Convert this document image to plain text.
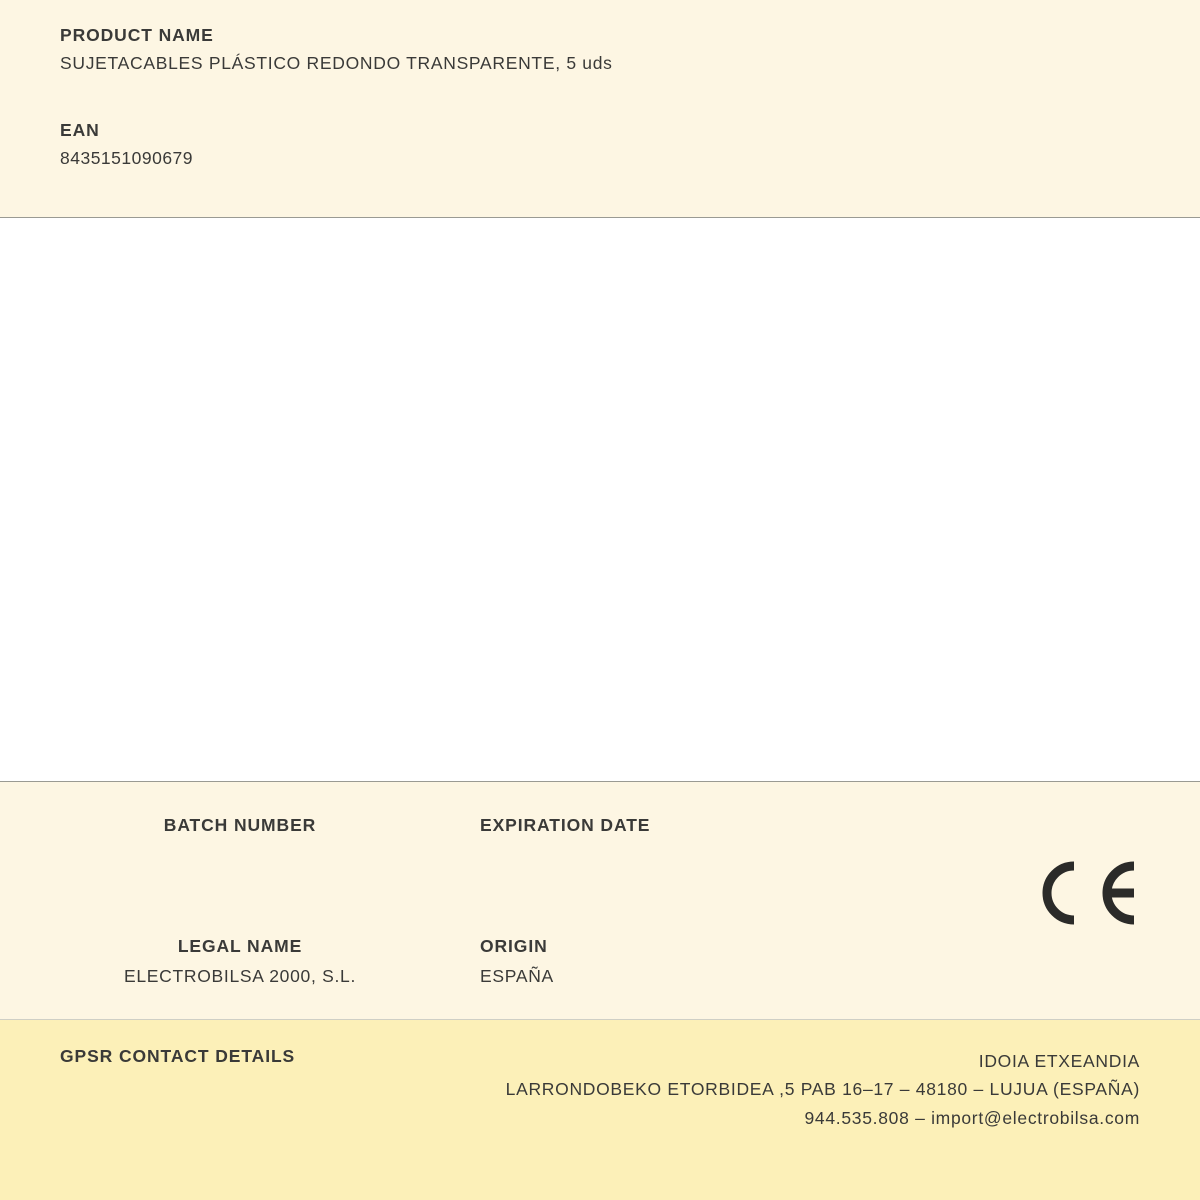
PRODUCT NAME

SUJETACABLES PLÁSTICO REDONDO TRANSPARENTE, 5 uds

EAN

8435151090679

BATCH NUMBER	EXPIRATION DATE

LEGAL NAME

ELECTROBILSA 2000, S.L.

ORIGIN

ESPAÑA

GPSR CONTACT DETAILS	IDOIA ETXEANDIA
LARRONDOBEKO ETORBIDEA ,5 PAB 16–17 – 48180 – LUJUA (ESPAÑA)
944.535.808 – import@electrobilsa.com
